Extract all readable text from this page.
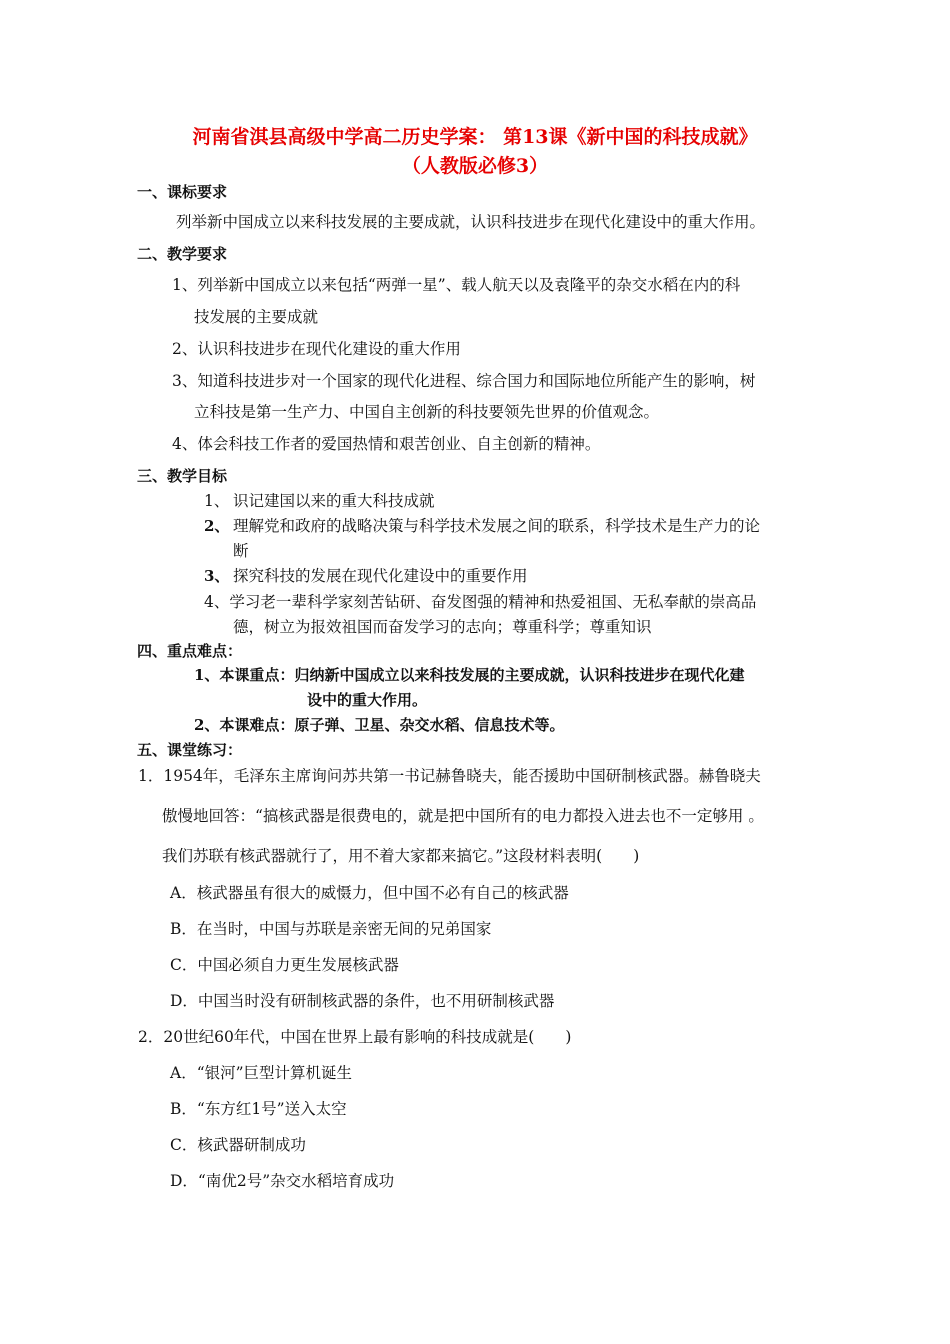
河南省淇县高级中学高二历史学案： 第13课《新中国的科技成就》
（人教版必修3）
一、课标要求
列举新中国成立以来科技发展的主要成就，认识科技进步在现代化建设中的重大作用。
二、教学要求
1、列举新中国成立以来包括“两弹一星”、载人航天以及袁隆平的杂交水稻在内的科
技发展的主要成就
2、认识科技进步在现代化建设的重大作用
3、知道科技进步对一个国家的现代化进程、综合国力和国际地位所能产生的影响，树
立科技是第一生产力、中国自主创新的科技要领先世界的价值观念。
4、体会科技工作者的爱国热情和艰苦创业、自主创新的精神。
三、教学目标
1、 识记建国以来的重大科技成就
2、 理解党和政府的战略决策与科学技术发展之间的联系，科学技术是生产力的论
断
3、 探究科技的发展在现代化建设中的重要作用
4、学习老一辈科学家刻苦钻研、奋发图强的精神和热爱祖国、无私奉献的崇高品
德，树立为报效祖国而奋发学习的志向；尊重科学；尊重知识
四、重点难点：
1、本课重点：归纳新中国成立以来科技发展的主要成就，认识科技进步在现代化建
设中的重大作用。
2、本课难点：原子弹、卫星、杂交水稻、信息技术等。
五、课堂练习：
1．1954年，毛泽东主席询问苏共第一书记赫鲁晓夫，能否援助中国研制核武器。赫鲁晓夫
傲慢地回答：“搞核武器是很费电的，就是把中国所有的电力都投入进去也不一定够用 。
我们苏联有核武器就行了，用不着大家都来搞它。”这段材料表明(　　)
A．核武器虽有很大的威慑力，但中国不必有自己的核武器
B．在当时，中国与苏联是亲密无间的兄弟国家
C．中国必须自力更生发展核武器
D．中国当时没有研制核武器的条件，也不用研制核武器
2．20世纪60年代，中国在世界上最有影响的科技成就是(　　)
A．“银河”巨型计算机诞生
B．“东方红1号”送入太空
C．核武器研制成功
D．“南优2号”杂交水稻培育成功
